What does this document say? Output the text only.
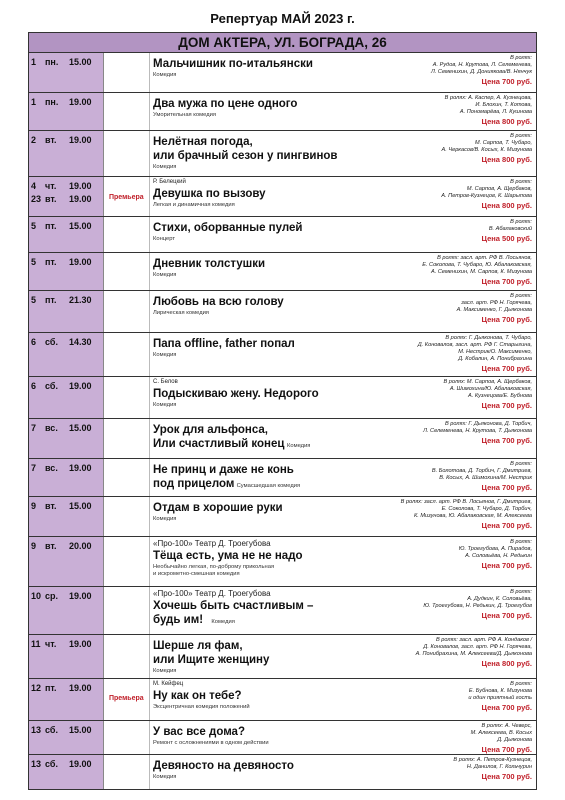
Репертуар МАЙ 2023 г.
ДОМ АКТЕРА, УЛ. БОГРАДА, 26
1 пн. 15.00	Мальчишник по-итальянски
Комедия
В ролях:
А. Рудов, Н. Крутова, Л. Селеменева,
Л. Семенихин, Д. Дониякова/В. Нянчук
Цена 700 руб.
1 пн. 19.00	Два мужа по цене одного
Уморительная комедия
В ролях: А. Каспер, А. Кузнецова,
И. Блохин, Т. Котова,
А. Пономарёва, Л. Кушнова
Цена 800 руб.
2 вт. 19.00	Нелётная погода,
или брачный сезон у пингвинов
Комедия
В ролях:
М. Сарпов, Т. Чубаро,
А. Черкасов/В. Косых, К. Мизунова
Цена 800 руб.
4 чт. 19.00
23 вт. 19.00 Премьера
Р. Белецкий
Девушка по вызову
Легкая и динамичная комедия
В ролях:
М. Сарпов, А. Щербаков,
А. Петров-Кузнецов, К. Шарыпова
Цена 800 руб.
5 пт. 15.00	Стихи, оборванные пулей
Концерт
В ролях:
В. Абалаковский
Цена 500 руб.
5 пт. 19.00	Дневник толстушки
Комедия
В ролях: засл. арт. РФ В. Лосьянов,
Е. Соколова, Т. Чубаро, Ю. Абалаковская,
А. Семенихин, М. Сарпов, К. Мизунова
Цена 700 руб.
5 пт. 21.30	Любовь на всю голову
Лирическая комедия
В ролях:
засл. арт. РФ Н. Горячева,
А. Максименко, Г. Дьяконова
Цена 700 руб.
6 сб. 14.30	Папа offline, father попал
Комедия
В ролях: Г. Дьяконова, Т. Чубаро,
Д. Коновалов, засл. арт. РФ Г. Старыгина,
М. Нестрик/О. Максименко,
Д. Кобалин, А. Понибрахина
Цена 700 руб.
6 сб. 19.00	С. Белов
Подыскиваю жену. Недорого
Комедия
В ролях: М. Сарпов, А. Щербаков,
А. Шимохина/Ю. Абалаковская,
А. Кузнецова/Е. Бубнова
Цена 700 руб.
7 вс. 15.00	Урок для альфонса,
Или счастливый конец Комедия
В ролях: Г. Дьяконова, Д. Торбич,
Л. Селеменева, Н. Крутова, Т. Дьяконова
Цена 700 руб.
7 вс. 19.00	Не принц и даже не конь
под прицелом Сумасшедшая комедия
В ролях:
В. Болотова, Д. Торбич, Г. Дмитриев,
В. Косых, А. Шимохина/М. Нестрик
Цена 700 руб.
9 вт. 15.00	Отдам в хорошие руки
Комедия
В ролях: засл. арт. РФ В. Лосьянов, Г. Дмитриев,
Е. Соколова, Т. Чубаро, Д. Торбич,
К. Мизунова, Ю. Абалаковская, М. Алексеева
Цена 700 руб.
9 вт. 20.00	«Про-100» Театр Д. Троегубова
Тёща есть, ума не не надо
Необычайно легкая, по-доброму прикольная
и искрометно-смешная комедия
В ролях:
Ю. Троегубова, А. Пирадов,
А. Соловьёва, Н. Редькин
Цена 700 руб.
10 ср. 19.00	«Про-100» Театр Д. Троегубова
Хочешь быть счастливым –
будь им! Комедия
В ролях:
А. Дудкин, К. Соловьёва,
Ю. Троегубова, Н. Редькин, Д. Троегубов
Цена 700 руб.
11 чт. 19.00	Шерше ля фам,
или Ищите женщину
Комедия
В ролях: засл. арт. РФ А. Кондаков /
Д. Коновалов, засл. арт. РФ Н. Горячева,
А. Понибрахина, М. Алексеева/Д. Дьяконова
Цена 800 руб.
12 пт. 19.00
Премьера
М. Кейфец
Ну как он тебе?
Эксцентричная комедия положений
В ролях:
Е. Бубнова, К. Мизунова
и один приятный гость
Цена 700 руб.
13 сб. 15.00	У вас все дома?
Ремонт с осложнениями в одном действии
В ролях: А. Чеверс,
М. Алексеева, В. Косых
Д. Дьяконова
Цена 700 руб.
13 сб. 19.00	Девяносто на девяносто
Комедия
В ролях: А. Петров-Кузнецов,
Н. Данилов, Г. Кольчурин
Цена 700 руб.
